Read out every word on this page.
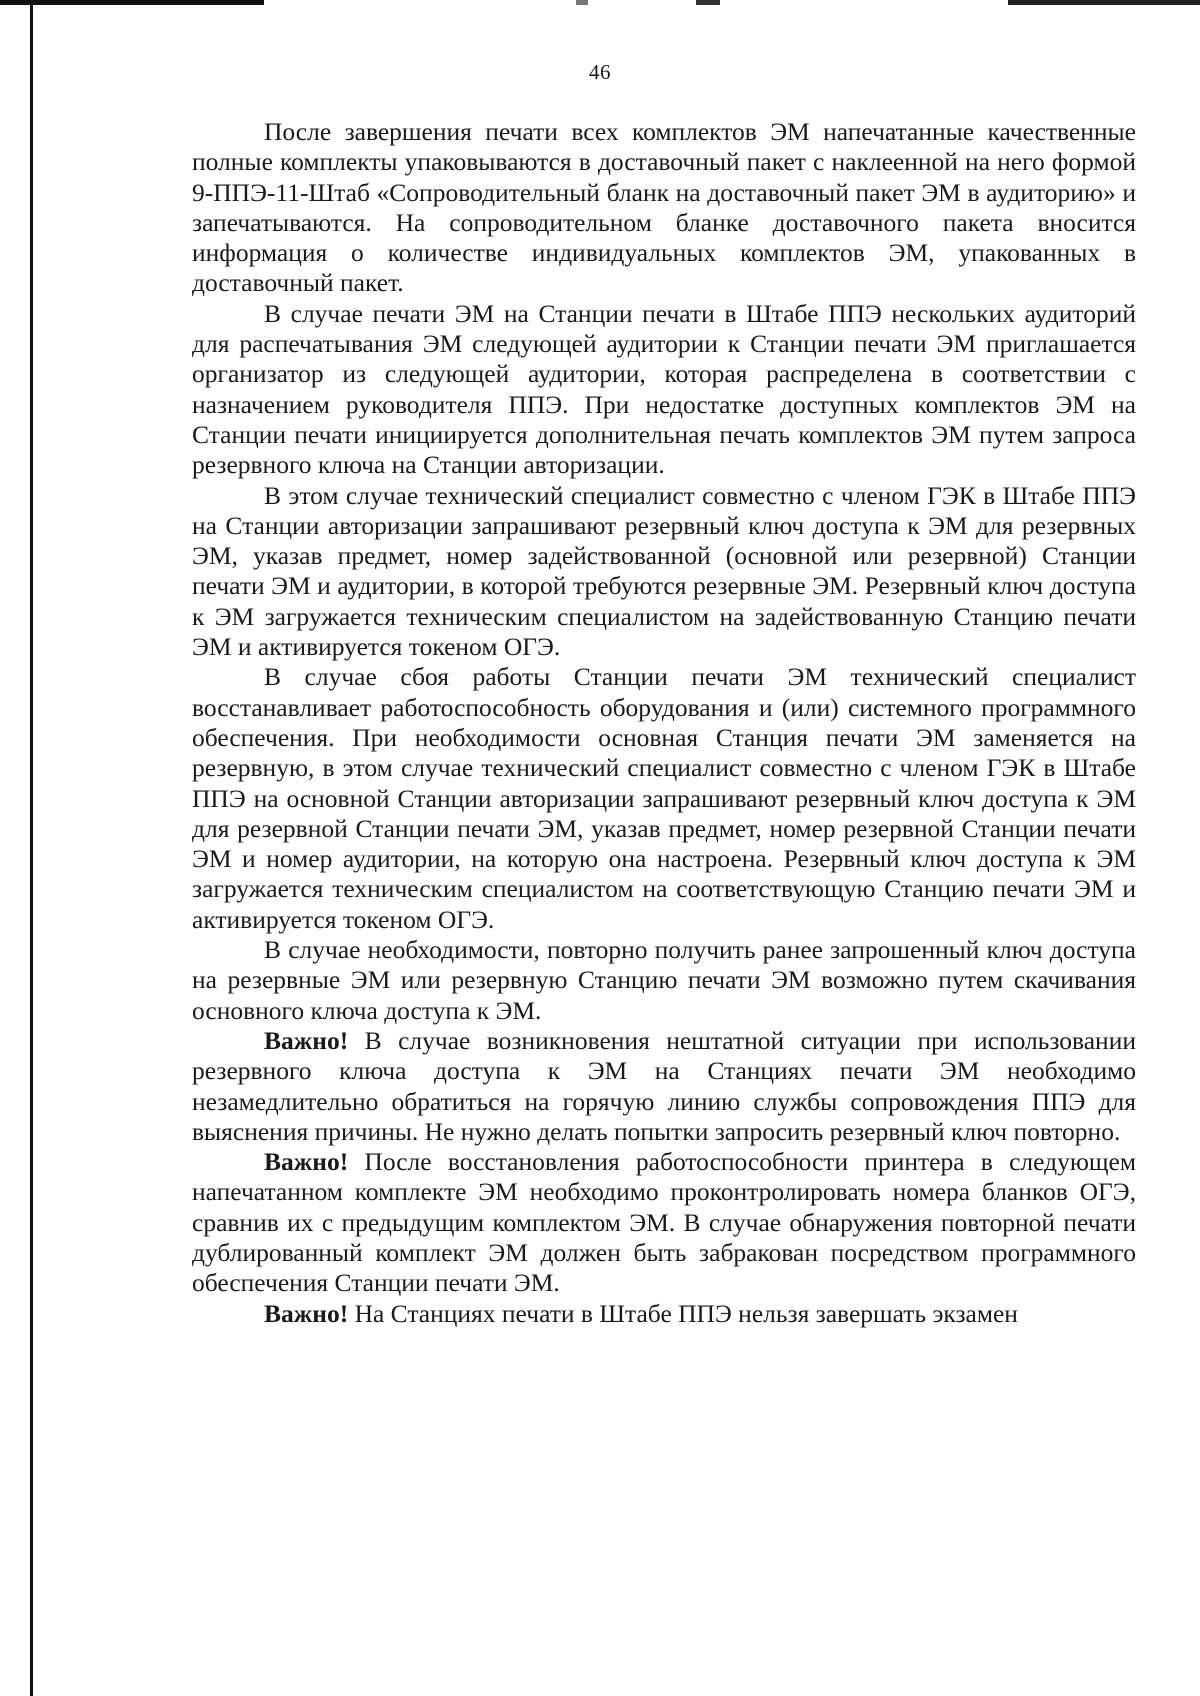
46

После завершения печати всех комплектов ЭМ напечатанные качественные полные комплекты упаковываются в доставочный пакет с наклеенной на него формой 9-ППЭ-11-Штаб «Сопроводительный бланк на доставочный пакет ЭМ в аудиторию» и запечатываются. На сопроводительном бланке доставочного пакета вносится информация о количестве индивидуальных комплектов ЭМ, упакованных в доставочный пакет.

В случае печати ЭМ на Станции печати в Штабе ППЭ нескольких аудиторий для распечатывания ЭМ следующей аудитории к Станции печати ЭМ приглашается организатор из следующей аудитории, которая распределена в соответствии с назначением руководителя ППЭ. При недостатке доступных комплектов ЭМ на Станции печати инициируется дополнительная печать комплектов ЭМ путем запроса резервного ключа на Станции авторизации.

В этом случае технический специалист совместно с членом ГЭК в Штабе ППЭ на Станции авторизации запрашивают резервный ключ доступа к ЭМ для резервных ЭМ, указав предмет, номер задействованной (основной или резервной) Станции печати ЭМ и аудитории, в которой требуются резервные ЭМ. Резервный ключ доступа к ЭМ загружается техническим специалистом на задействованную Станцию печати ЭМ и активируется токеном ОГЭ.

В случае сбоя работы Станции печати ЭМ технический специалист восстанавливает работоспособность оборудования и (или) системного программного обеспечения. При необходимости основная Станция печати ЭМ заменяется на резервную, в этом случае технический специалист совместно с членом ГЭК в Штабе ППЭ на основной Станции авторизации запрашивают резервный ключ доступа к ЭМ для резервной Станции печати ЭМ, указав предмет, номер резервной Станции печати ЭМ и номер аудитории, на которую она настроена. Резервный ключ доступа к ЭМ загружается техническим специалистом на соответствующую Станцию печати ЭМ и активируется токеном ОГЭ.

В случае необходимости, повторно получить ранее запрошенный ключ доступа на резервные ЭМ или резервную Станцию печати ЭМ возможно путем скачивания основного ключа доступа к ЭМ.

Важно! В случае возникновения нештатной ситуации при использовании резервного ключа доступа к ЭМ на Станциях печати ЭМ необходимо незамедлительно обратиться на горячую линию службы сопровождения ППЭ для выяснения причины. Не нужно делать попытки запросить резервный ключ повторно.

Важно! После восстановления работоспособности принтера в следующем напечатанном комплекте ЭМ необходимо проконтролировать номера бланков ОГЭ, сравнив их с предыдущим комплектом ЭМ. В случае обнаружения повторной печати дублированный комплект ЭМ должен быть забракован посредством программного обеспечения Станции печати ЭМ.

Важно! На Станциях печати в Штабе ППЭ нельзя завершать экзамен
